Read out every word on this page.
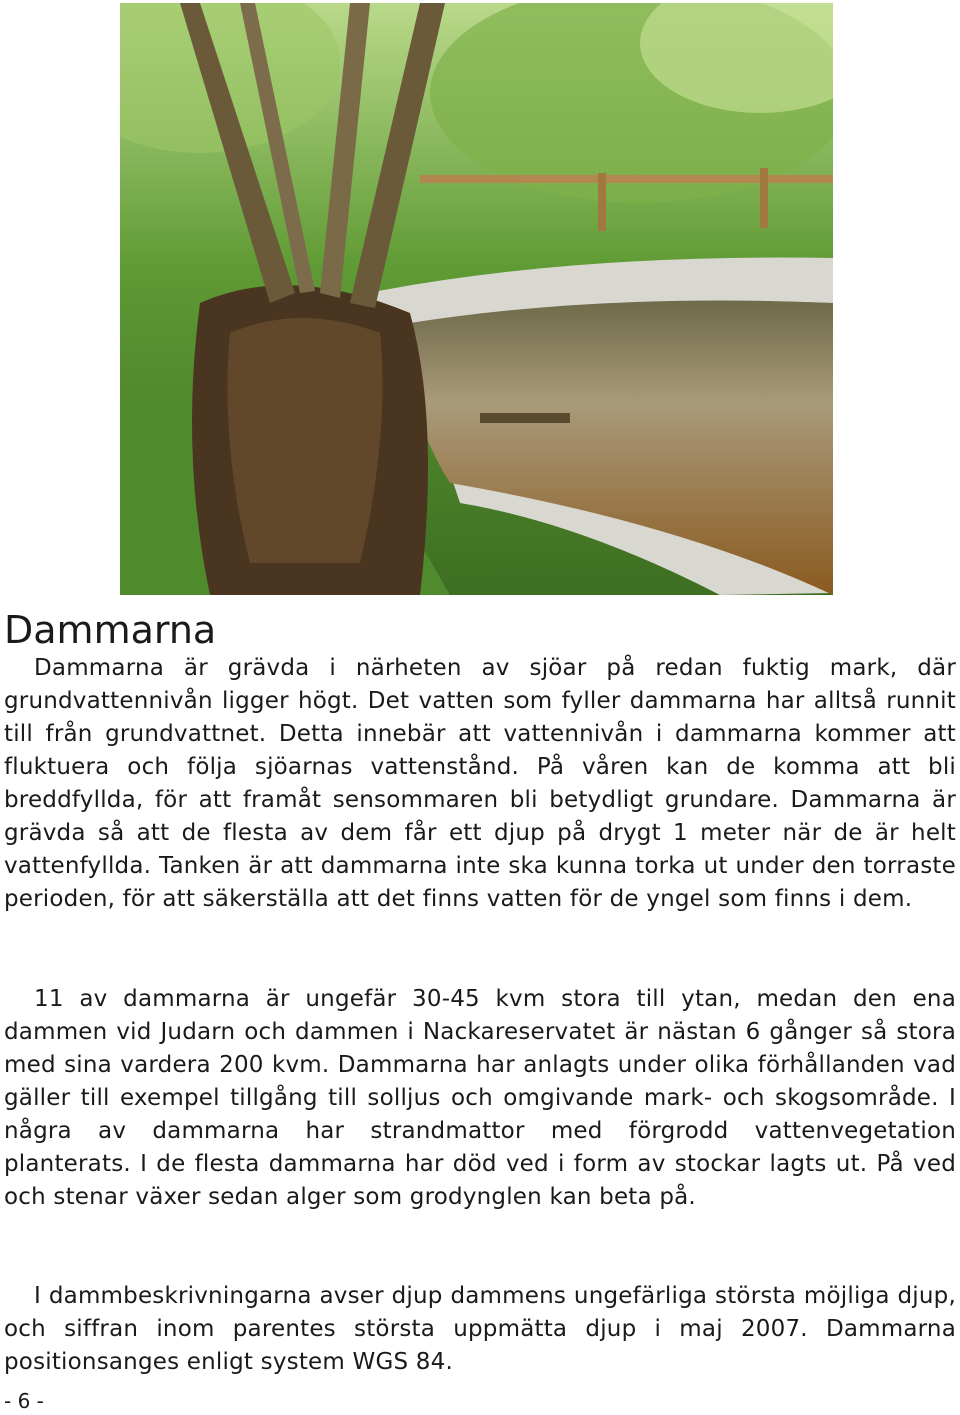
Dammarna

Dammarna är grävda i närheten av sjöar på redan fuktig mark, där grundvattennivån ligger högt. Det vatten som fyller dammarna har alltså runnit till från grundvattnet. Detta innebär att vattennivån i dammarna kommer att fluktuera och följa sjöarnas vattenstånd. På våren kan de komma att bli breddfyllda, för att framåt sensommaren bli betydligt grundare. Dammarna är grävda så att de flesta av dem får ett djup på drygt 1 meter när de är helt vattenfyllda. Tanken är att dammarna inte ska kunna torka ut under den torraste perioden, för att säkerställa att det finns vatten för de yngel som finns i dem.

11 av dammarna är ungefär 30-45 kvm stora till ytan, medan den ena dammen vid Judarn och dammen i Nackareservatet är nästan 6 gånger så stora med sina vardera 200 kvm. Dammarna har anlagts under olika förhållanden vad gäller till exempel tillgång till solljus och omgivande mark- och skogsområde. I några av dammarna har strandmattor med förgrodd vattenvegetation planterats. I de flesta dammarna har död ved i form av stockar lagts ut. På ved och stenar växer sedan alger som grodynglen kan beta på.

I dammbeskrivningarna avser djup dammens ungefärliga största möjliga djup, och siffran inom parentes största uppmätta djup i maj 2007. Dammarna positionsanges enligt system WGS 84.

- 6 -
